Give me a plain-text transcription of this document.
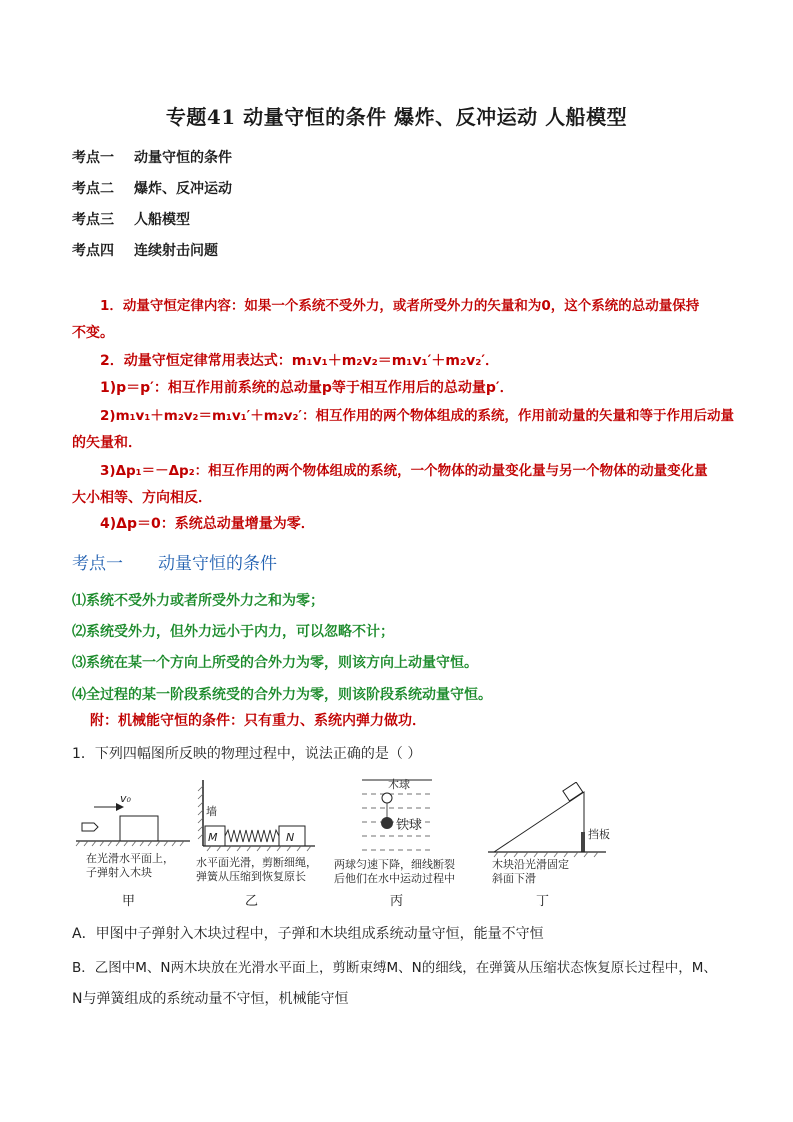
专题41 动量守恒的条件 爆炸、反冲运动 人船模型
考点一 动量守恒的条件
考点二 爆炸、反冲运动
考点三 人船模型
考点四 连续射击问题
1．动量守恒定律内容：如果一个系统不受外力，或者所受外力的矢量和为0，这个系统的总动量保持
不变。
2．动量守恒定律常用表达式：m₁v₁＋m₂v₂＝m₁v₁′＋m₂v₂′．
1)p＝p′：相互作用前系统的总动量p等于相互作用后的总动量p′．
2)m₁v₁＋m₂v₂＝m₁v₁′＋m₂v₂′：相互作用的两个物体组成的系统，作用前动量的矢量和等于作用后动量
的矢量和．
3)Δp₁＝－Δp₂：相互作用的两个物体组成的系统，一个物体的动量变化量与另一个物体的动量变化量
大小相等、方向相反．
4)Δp＝0：系统总动量增量为零．
考点一 动量守恒的条件
⑴系统不受外力或者所受外力之和为零；
⑵系统受外力，但外力远小于内力，可以忽略不计；
⑶系统在某一个方向上所受的合外力为零，则该方向上动量守恒。
⑷全过程的某一阶段系统受的合外力为零，则该阶段系统动量守恒。
附：机械能守恒的条件：只有重力、系统内弹力做功．
1．下列四幅图所反映的物理过程中，说法正确的是（ ）
v₀
在光滑水平面上，
子弹射入木块
甲
墙
M	N
水平面光滑，剪断细绳，
弹簧从压缩到恢复原长
乙
木球
铁球
两球匀速下降，细线断裂
后他们在水中运动过程中
丙
挡板
木块沿光滑固定
斜面下滑
丁
A．甲图中子弹射入木块过程中，子弹和木块组成系统动量守恒，能量不守恒
B．乙图中M、N两木块放在光滑水平面上，剪断束缚M、N的细线，在弹簧从压缩状态恢复原长过程中，M、
N与弹簧组成的系统动量不守恒，机械能守恒
